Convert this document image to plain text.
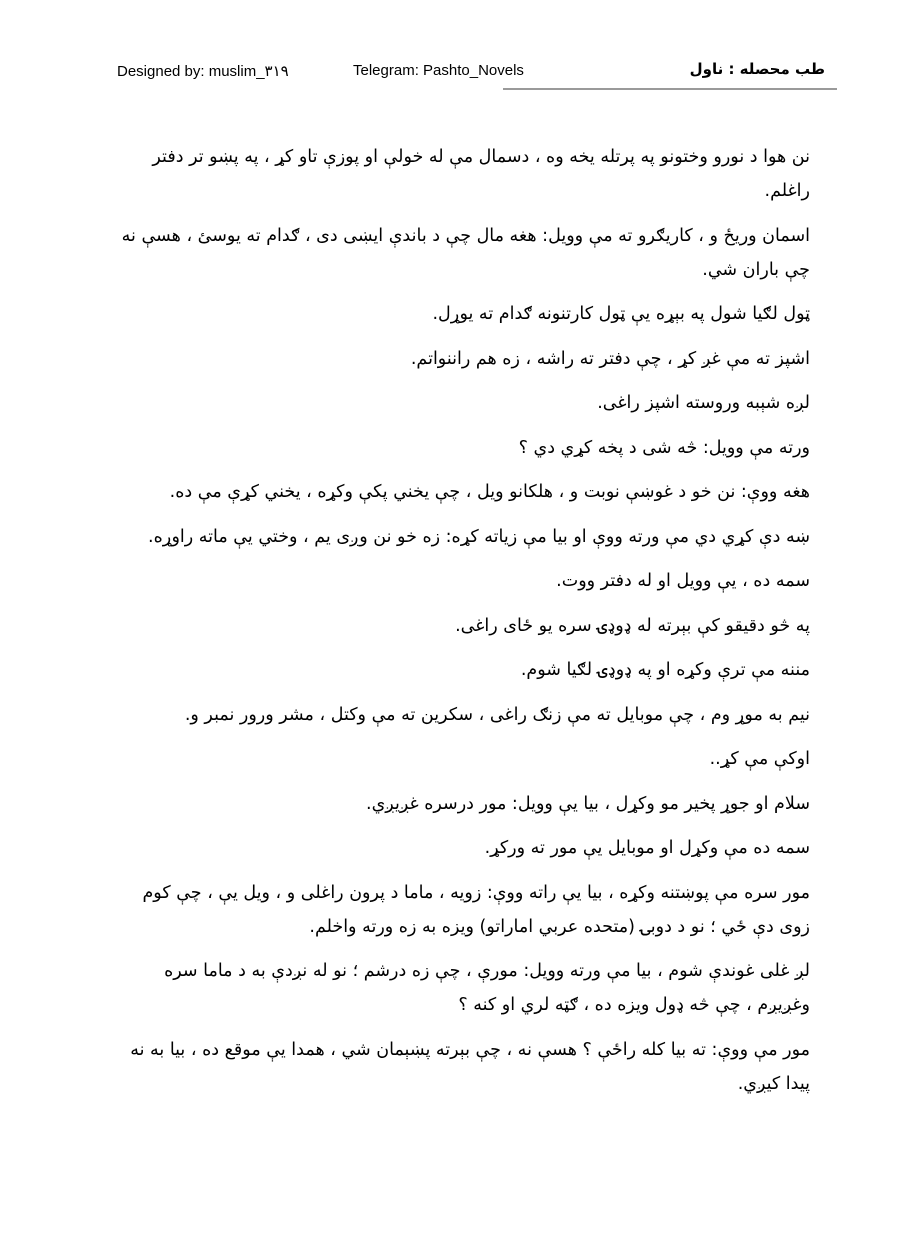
Designed by: muslim_۳۱۹	Telegram: Pashto_Novels	طب محصله : ناول

نن هوا د نورو وختونو په پرتله یخه وه ، دسمال مې له خولې او پوزې تاو کړ ، په پښو تر دفتر راغلم.

اسمان وریځ و ، کاریګرو ته مې وویل: هغه مال چې د باندې ایښی دی ، ګدام ته یوسئ ، هسې نه چې باران شي.

ټول لګیا شول په بېړه یې ټول کارتنونه ګدام ته یوړل.

اشپز ته مې غږ کړ ، چې دفتر ته راشه ، زه هم راننواتم.

لږه شېبه وروسته اشپز راغی.

ورته مې وویل: څه شی د پخه کړي دي ؟

هغه ووې: نن خو د غوښې نوبت و ، هلکانو ویل ، چې یخني پکې وکړه ، یخني کړې مې ده.

ښه دې کړي دي مې ورته ووې او بیا مې زیاته کړه: زه خو نن وږی یم ، وختي یې ماته راوړه.

سمه ده ، یې وویل او له دفتر ووت.

په څو دقیقو کې بېرته له ډوډۍ سره یو ځای راغی.

مننه مې ترې وکړه او په ډوډۍ لګیا شوم.

نیم به موړ وم ، چې موبایل ته مې زنګ راغی ، سکرین ته مې وکتل ، مشر ورور نمبر و.

اوکې مې کړ..

سلام او جوړ پخیر مو وکړل ، بیا یې وویل: مور درسره غږیږي.

سمه ده مې وکړل او موبایل یې مور ته ورکړ.

مور سره مې پوښتنه وکړه ، بیا یې راته ووې: زویه ، ماما د پرون راغلی و ، ویل یې ، چې کوم زوی دې ځي ؛ نو د دوبۍ (متحده عربي اماراتو) ویزه به زه ورته واخلم.

لږ غلی غوندې شوم ، بیا مې ورته وویل: مورې ، چې زه درشم ؛ نو له نږدې به د ماما سره وغږیږم ، چې څه ډول ویزه ده ، ګټه لري او کنه ؟

مور مې ووې: ته بیا کله راځې ؟ هسې نه ، چې بېرته پښېمان شي ، همدا یې موقع ده ، بیا به نه پیدا کیږي.
